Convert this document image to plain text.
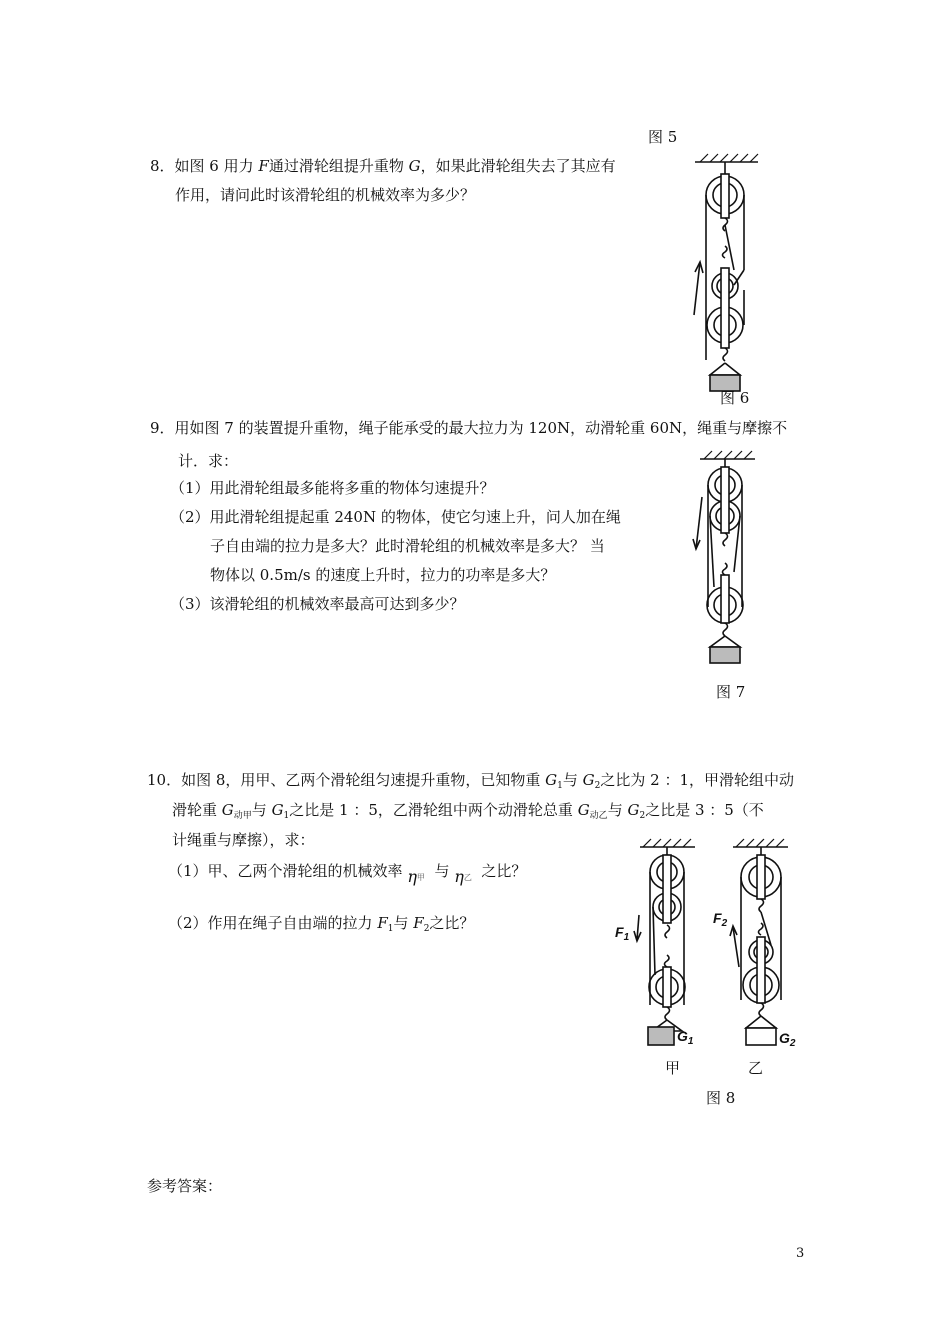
图 5
8．如图 6 用力 F通过滑轮组提升重物 G，如果此滑轮组失去了其应有
作用，请问此时该滑轮组的机械效率为多少？
图 6
9．用如图 7 的装置提升重物，绳子能承受的最大拉力为 120N，动滑轮重 60N，绳重与摩擦不
计．求：
（1）用此滑轮组最多能将多重的物体匀速提升？
（2）用此滑轮组提起重 240N 的物体，使它匀速上升，问人加在绳
子自由端的拉力是多大？此时滑轮组的机械效率是多大？ 当
物体以 0.5m/s 的速度上升时，拉力的功率是多大？
（3）该滑轮组的机械效率最高可达到多少？
图 7
10．如图 8，用甲、乙两个滑轮组匀速提升重物，已知物重 $G_1$与 $G_2$之比为 2 ：1，甲滑轮组中动
滑轮重 $G_{动甲}$与 $G_1$之比是 1 ：5，乙滑轮组中两个动滑轮总重 $G_{动乙}$与 $G_2$之比是 3 ：5（不
计绳重与摩擦），求：
（1）甲、乙两个滑轮组的机械效率 $\eta_甲$ 与 $\eta_乙$ 之比？
（2）作用在绳子自由端的拉力 $F_1$与 $F_2$之比？	$F_1$
$G_1$
$F_2$
$G_2$
甲	乙
图 8
参考答案：
3
